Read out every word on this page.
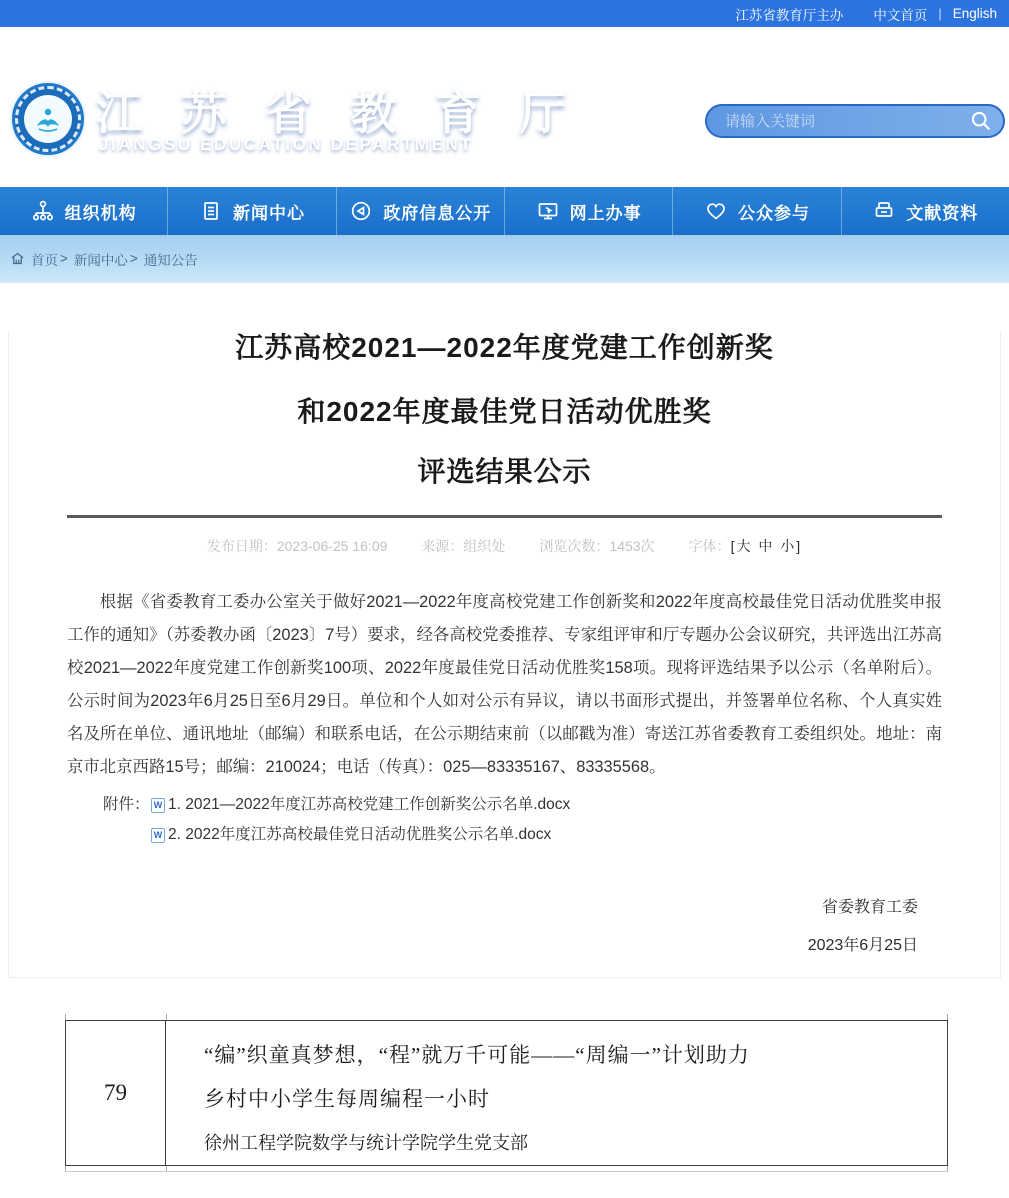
江苏省教育厅主办 中文首页 | English
江 苏 省 教 育 厅
JIANGSU EDUCATION DEPARTMENT
请输入关键词
组织机构	新闻中心	政府信息公开	网上办事	公众参与	文献资料
首页 > 新闻中心 > 通知公告
江苏高校2021—2022年度党建工作创新奖
和2022年度最佳党日活动优胜奖
评选结果公示
发布日期：2023-06-25 16:09 来源：组织处 浏览次数：1453次 字体：[大 中 小]

根据《省委教育工委办公室关于做好2021—2022年度高校党建工作创新奖和2022年度高校最佳党日活动优胜奖申报工作的通知》（苏委教办函〔2023〕7号）要求，经各高校党委推荐、专家组评审和厅专题办公会议研究，共评选出江苏高校2021—2022年度党建工作创新奖100项、2022年度最佳党日活动优胜奖158项。现将评选结果予以公示（名单附后）。公示时间为2023年6月25日至6月29日。单位和个人如对公示有异议，请以书面形式提出，并签署单位名称、个人真实姓名及所在单位、通讯地址（邮编）和联系电话，在公示期结束前（以邮戳为准）寄送江苏省委教育工委组织处。地址：南京市北京西路15号；邮编：210024；电话（传真）：025—83335167、83335568。

附件： W 1. 2021—2022年度江苏高校党建工作创新奖公示名单.docx
W 2. 2022年度江苏高校最佳党日活动优胜奖公示名单.docx
省委教育工委
2023年6月25日
79
“编”织童真梦想，“程”就万千可能——“周编一”计划助力
乡村中小学生每周编程一小时
徐州工程学院数学与统计学院学生党支部
